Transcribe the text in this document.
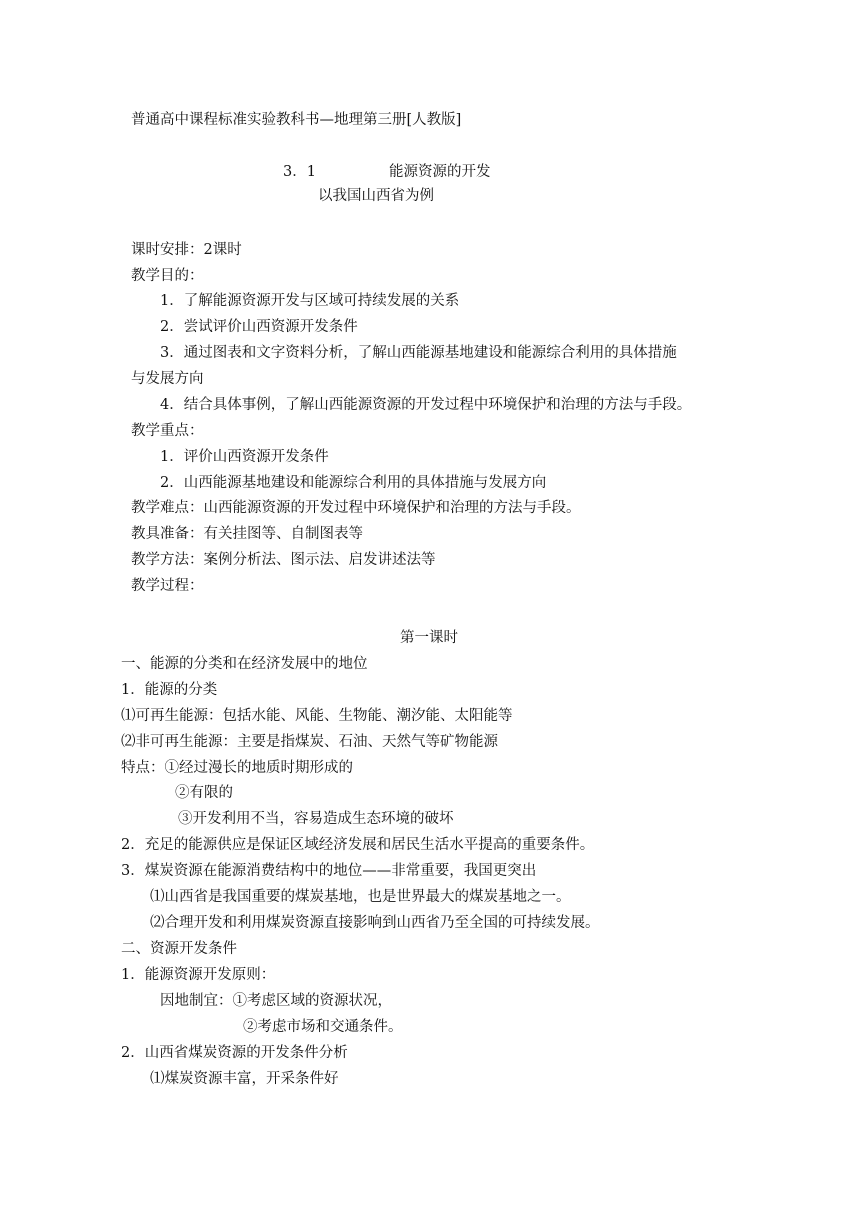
普通高中课程标准实验教科书—地理第三册[人教版]
3．1	能源资源的开发
以我国山西省为例
课时安排：2课时
教学目的：
1．了解能源资源开发与区域可持续发展的关系
2．尝试评价山西资源开发条件
3．通过图表和文字资料分析，了解山西能源基地建设和能源综合利用的具体措施
与发展方向
4．结合具体事例，了解山西能源资源的开发过程中环境保护和治理的方法与手段。
教学重点：
1．评价山西资源开发条件
2．山西能源基地建设和能源综合利用的具体措施与发展方向
教学难点：山西能源资源的开发过程中环境保护和治理的方法与手段。
教具准备：有关挂图等、自制图表等
教学方法：案例分析法、图示法、启发讲述法等
教学过程：
第一课时
一、能源的分类和在经济发展中的地位
1．能源的分类
⑴可再生能源：包括水能、风能、生物能、潮汐能、太阳能等
⑵非可再生能源：主要是指煤炭、石油、天然气等矿物能源
特点：①经过漫长的地质时期形成的
②有限的
③开发利用不当，容易造成生态环境的破坏
2．充足的能源供应是保证区域经济发展和居民生活水平提高的重要条件。
3．煤炭资源在能源消费结构中的地位——非常重要，我国更突出
⑴山西省是我国重要的煤炭基地，也是世界最大的煤炭基地之一。
⑵合理开发和利用煤炭资源直接影响到山西省乃至全国的可持续发展。
二、资源开发条件
1．能源资源开发原则：
因地制宜：①考虑区域的资源状况，
②考虑市场和交通条件。
2．山西省煤炭资源的开发条件分析
⑴煤炭资源丰富，开采条件好
